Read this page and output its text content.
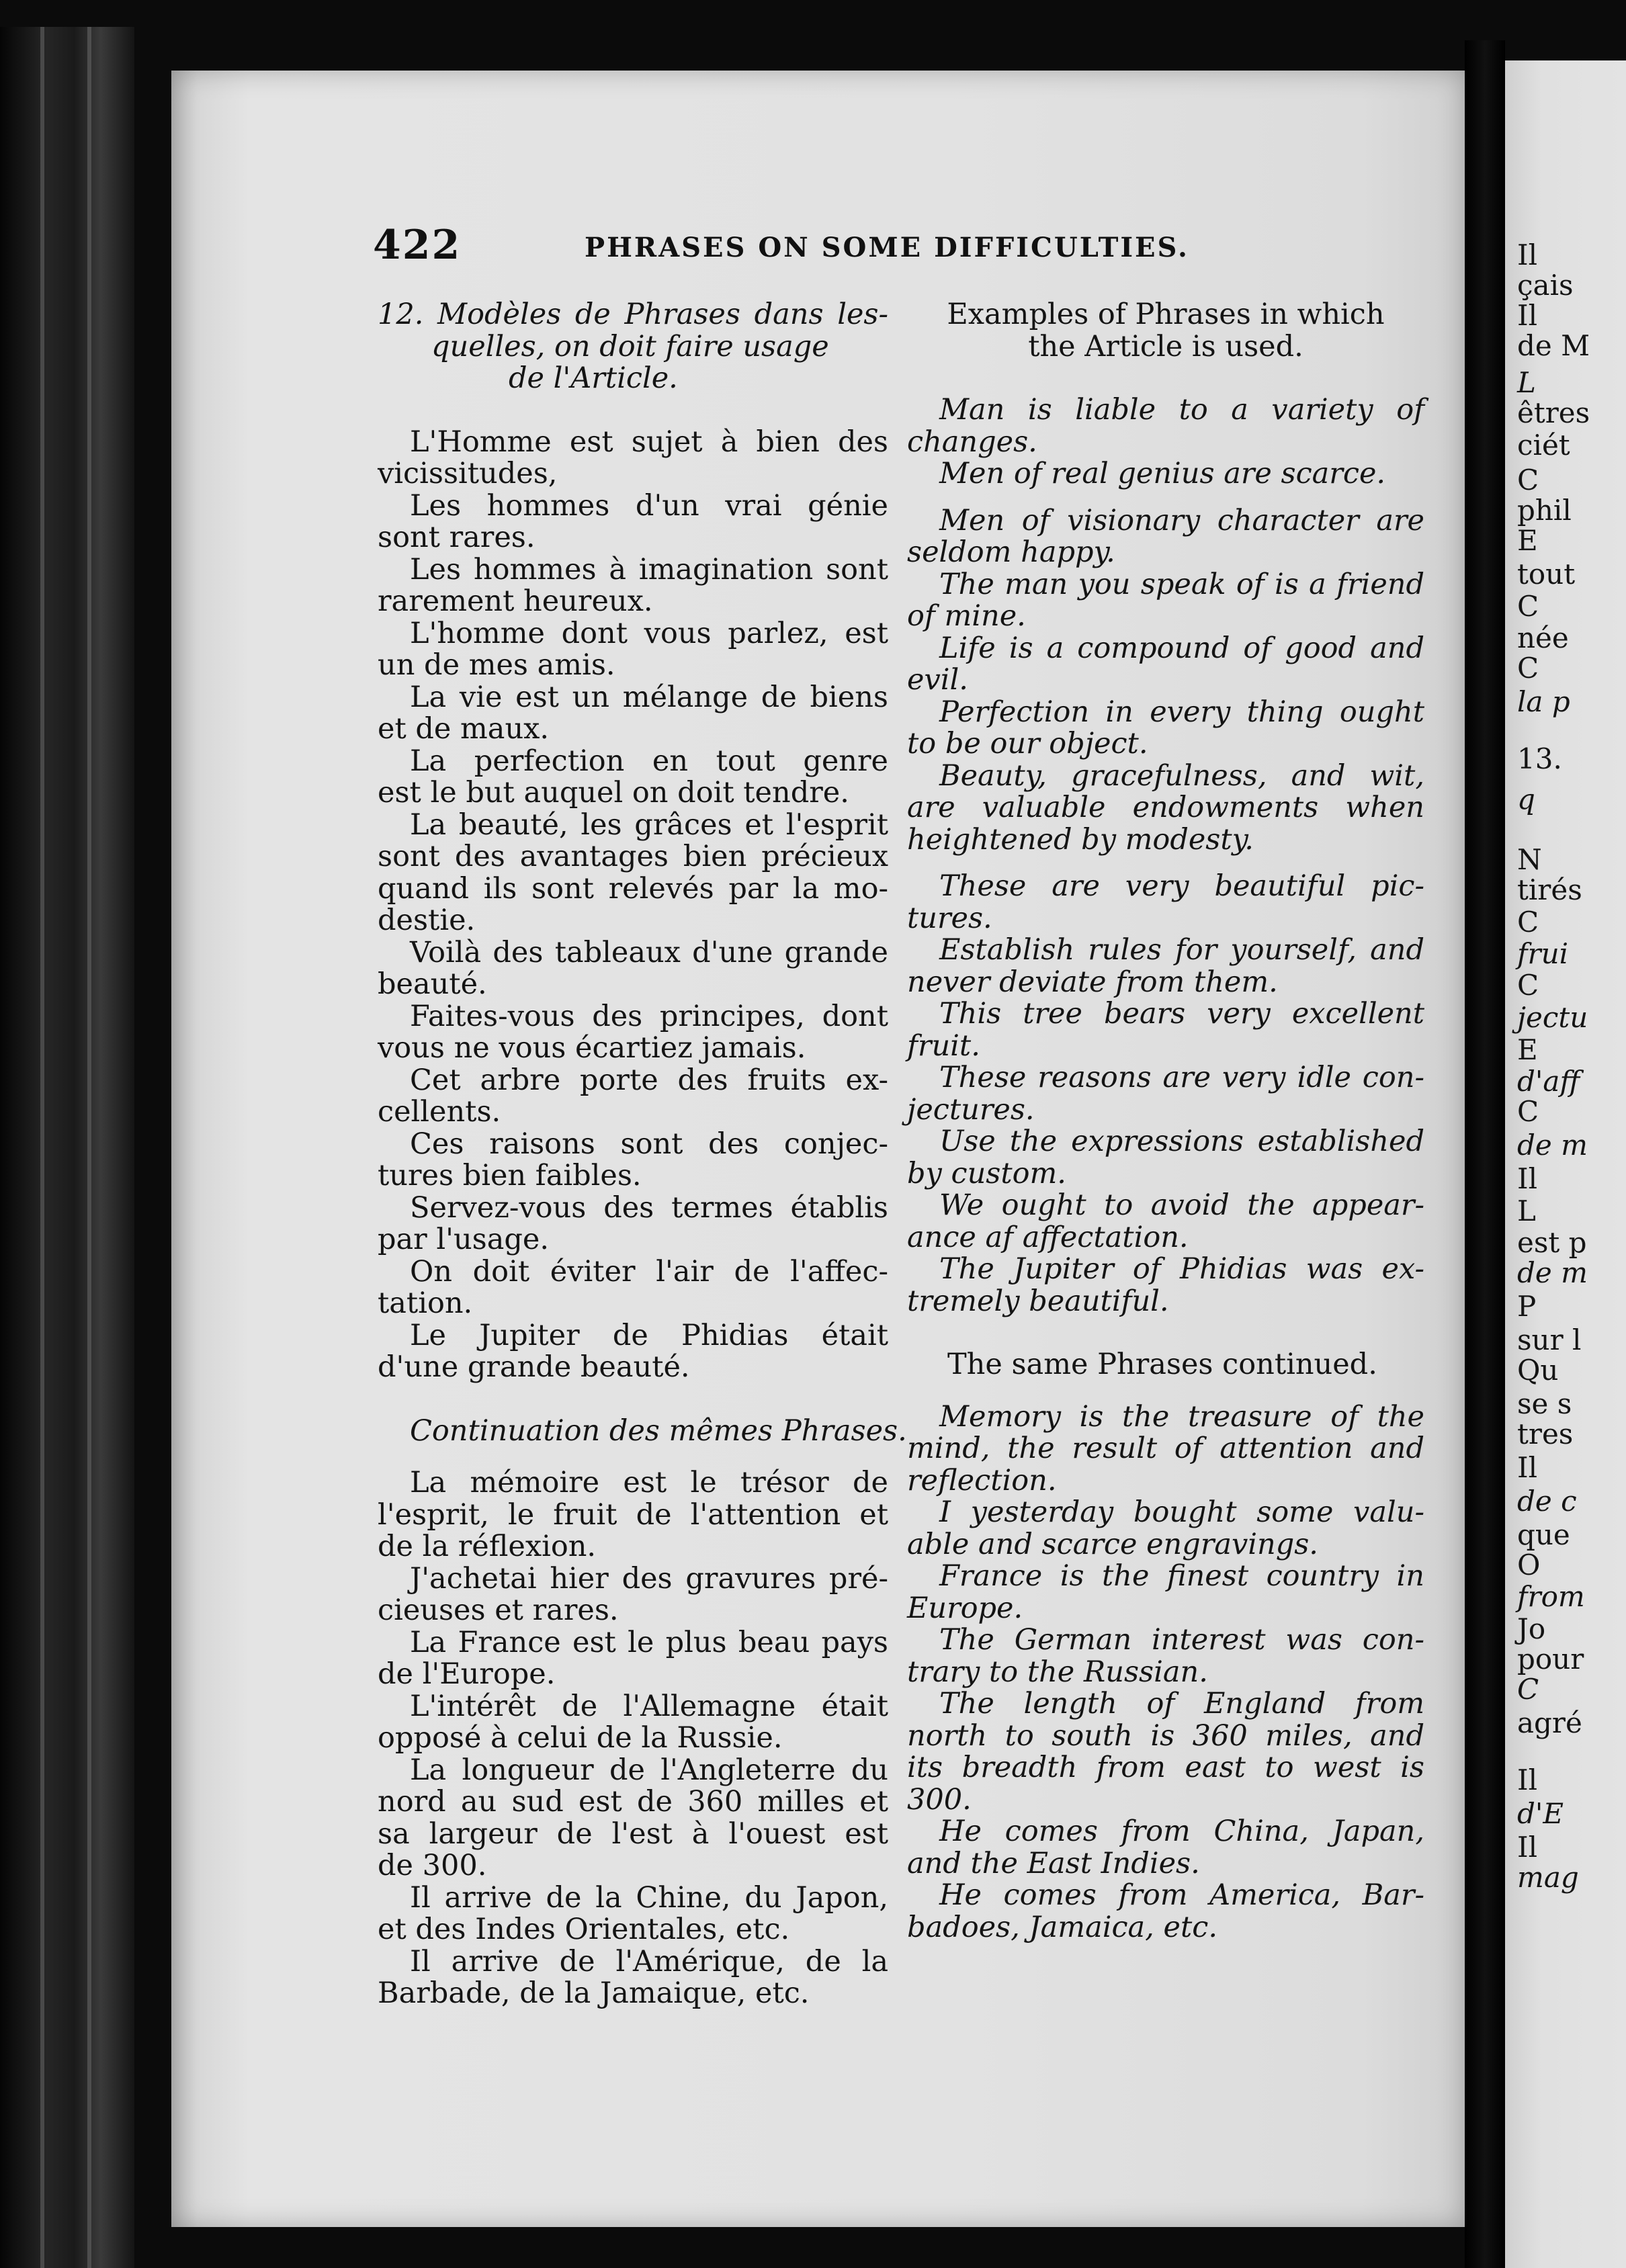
Il
çais
Il
de M
L
êtres
ciét
C
phil
E
tout
C
née
C
la p
13.
q
N
tirés
C
frui
C
jectu
E
d'aff
C
de m
Il
L
est p
de m
P
sur l
Qu
se s
tres
Il
de c
que
O
from
Jo
pour
C
agré
Il
d'E
Il
mag
422	PHRASES ON SOME DIFFICULTIES.
12. Modèles de Phrases dans les-
quelles, on doit faire usage
de l'Article.
L'Homme est sujet à bien des
vicissitudes,
Les hommes d'un vrai génie
sont rares.
Les hommes à imagination sont
rarement heureux.
L'homme dont vous parlez, est
un de mes amis.
La vie est un mélange de biens
et de maux.
La perfection en tout genre
est le but auquel on doit tendre.
La beauté, les grâces et l'esprit
sont des avantages bien précieux
quand ils sont relevés par la mo-
destie.
Voilà des tableaux d'une grande
beauté.
Faites-vous des principes, dont
vous ne vous écartiez jamais.
Cet arbre porte des fruits ex-
cellents.
Ces raisons sont des conjec-
tures bien faibles.
Servez-vous des termes établis
par l'usage.
On doit éviter l'air de l'affec-
tation.
Le Jupiter de Phidias était
d'une grande beauté.
Continuation des mêmes Phrases.
La mémoire est le trésor de
l'esprit, le fruit de l'attention et
de la réflexion.
J'achetai hier des gravures pré-
cieuses et rares.
La France est le plus beau pays
de l'Europe.
L'intérêt de l'Allemagne était
opposé à celui de la Russie.
La longueur de l'Angleterre du
nord au sud est de 360 milles et
sa largeur de l'est à l'ouest est
de 300.
Il arrive de la Chine, du Japon,
et des Indes Orientales, etc.
Il arrive de l'Amérique, de la
Barbade, de la Jamaique, etc.
Examples of Phrases in which
the Article is used.
Man is liable to a variety of
changes.
Men of real genius are scarce.
Men of visionary character are
seldom happy.
The man you speak of is a friend
of mine.
Life is a compound of good and
evil.
Perfection in every thing ought
to be our object.
Beauty, gracefulness, and wit,
are valuable endowments when
heightened by modesty.
These are very beautiful pic-
tures.
Establish rules for yourself, and
never deviate from them.
This tree bears very excellent
fruit.
These reasons are very idle con-
jectures.
Use the expressions established
by custom.
We ought to avoid the appear-
ance af affectation.
The Jupiter of Phidias was ex-
tremely beautiful.
The same Phrases continued.
Memory is the treasure of the
mind, the result of attention and
reflection.
I yesterday bought some valu-
able and scarce engravings.
France is the finest country in
Europe.
The German interest was con-
trary to the Russian.
The length of England from
north to south is 360 miles, and
its breadth from east to west is
300.
He comes from China, Japan,
and the East Indies.
He comes from America, Bar-
badoes, Jamaica, etc.
